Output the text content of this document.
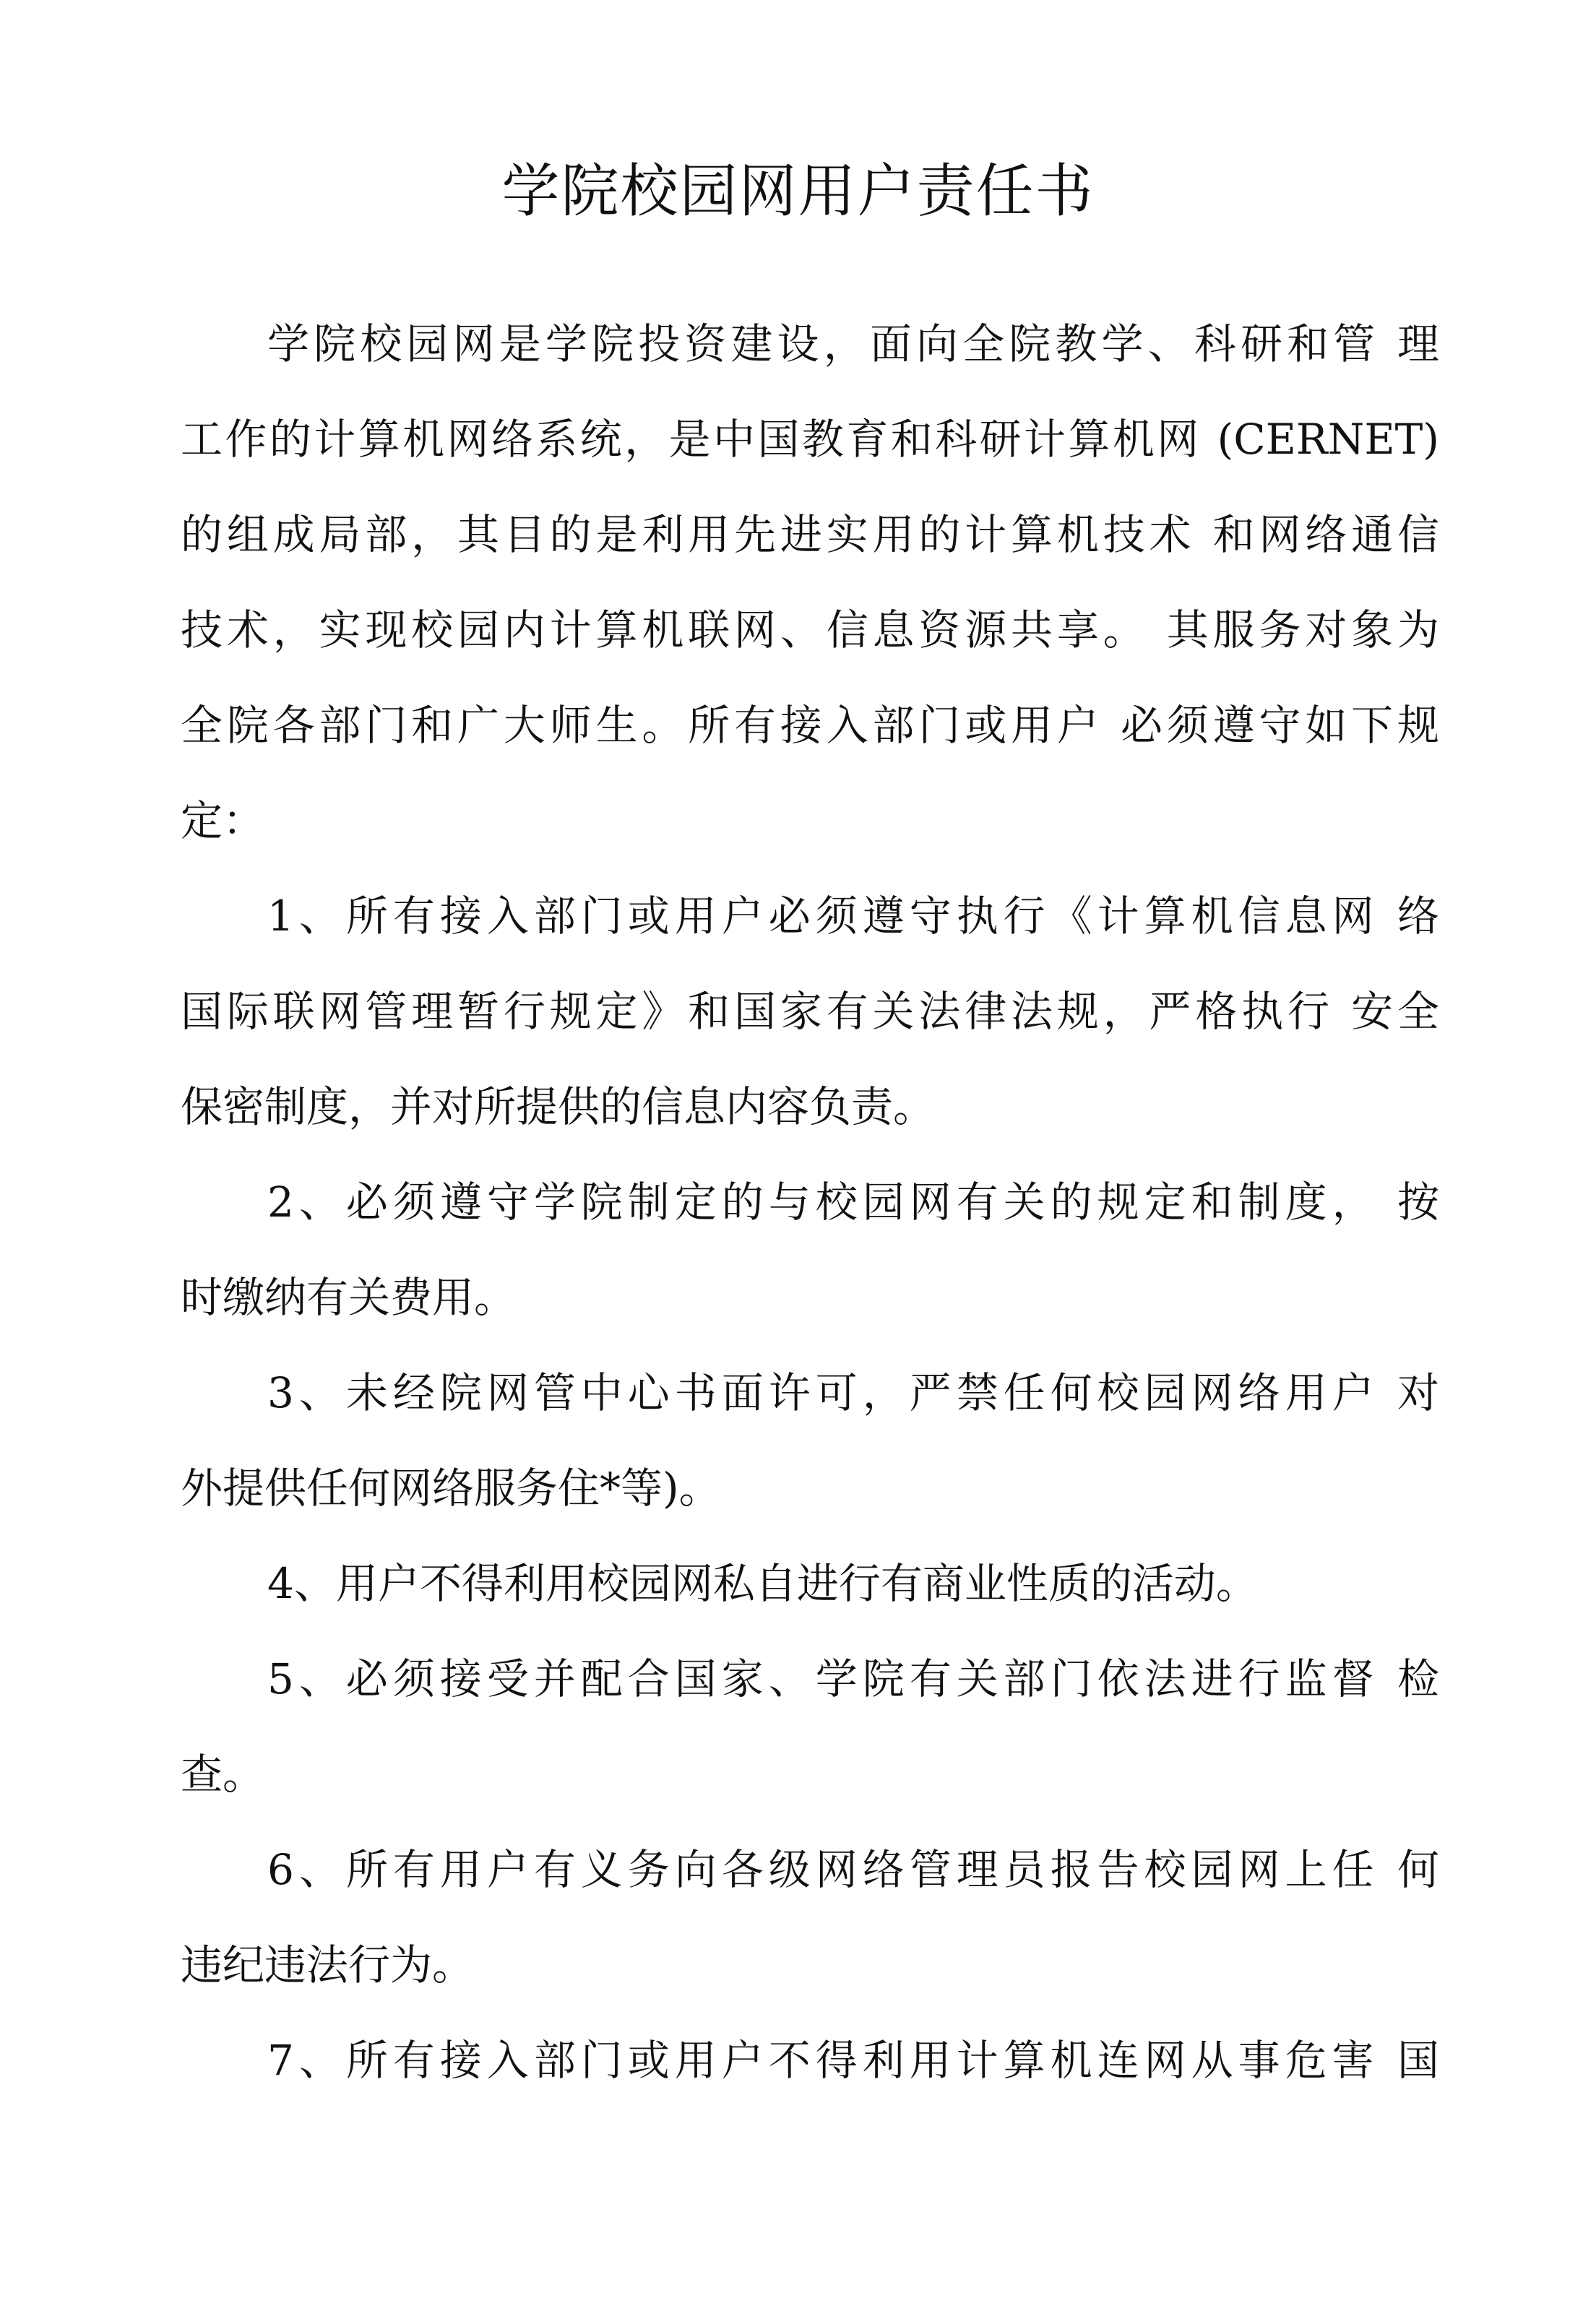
学院校园网用户责任书
学院校园网是学院投资建设，面向全院教学、科研和管 理
工作的计算机网络系统，是中国教育和科研计算机网 (CERNET)
的组成局部，其目的是利用先进实用的计算机技术 和网络通信
技术，实现校园内计算机联网、信息资源共享。 其服务对象为
全院各部门和广大师生。所有接入部门或用户 必须遵守如下规
定：
1、所有接入部门或用户必须遵守执行《计算机信息网 络
国际联网管理暂行规定》和国家有关法律法规，严格执行 安全
保密制度，并对所提供的信息内容负责。
2、必须遵守学院制定的与校园网有关的规定和制度， 按
时缴纳有关费用。
3、未经院网管中心书面许可，严禁任何校园网络用户 对
外提供任何网络服务住*等)。
4、用户不得利用校园网私自进行有商业性质的活动。
5、必须接受并配合国家、学院有关部门依法进行监督 检
查。
6、所有用户有义务向各级网络管理员报告校园网上任 何
违纪违法行为。
7、所有接入部门或用户不得利用计算机连网从事危害 国
